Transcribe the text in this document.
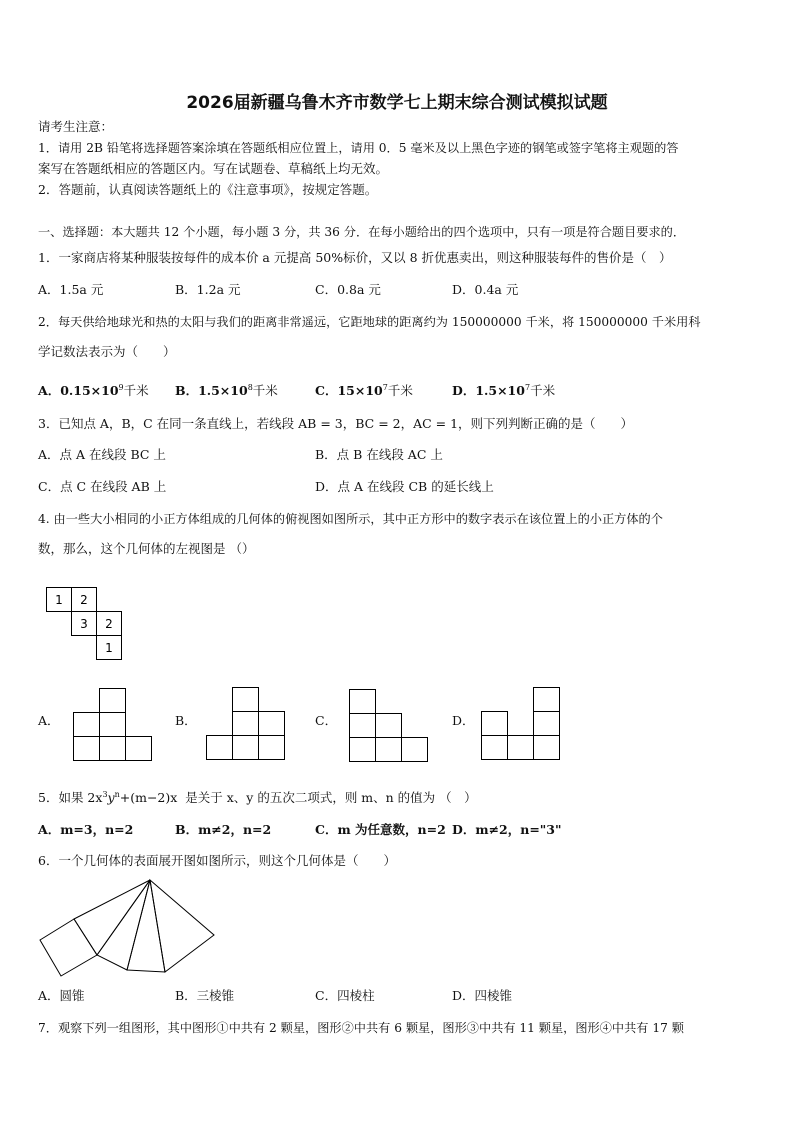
2026届新疆乌鲁木齐市数学七上期末综合测试模拟试题
请考生注意：
1．请用 2B 铅笔将选择题答案涂填在答题纸相应位置上，请用 0．5 毫米及以上黑色字迹的钢笔或签字笔将主观题的答
案写在答题纸相应的答题区内。写在试题卷、草稿纸上均无效。
2．答题前，认真阅读答题纸上的《注意事项》，按规定答题。
一、选择题：本大题共 12 个小题，每小题 3 分，共 36 分．在每小题给出的四个选项中，只有一项是符合题目要求的．
1．一家商店将某种服装按每件的成本价 a 元提高 50%标价，又以 8 折优惠卖出，则这种服装每件的售价是（　）
A．1.5a 元	B．1.2a 元	C．0.8a 元	D．0.4a 元
2．每天供给地球光和热的太阳与我们的距离非常遥远，它距地球的距离约为 150000000 千米，将 150000000 千米用科
学记数法表示为（　　）
A．$0.15\times 10^9$千米 B．$1.5\times 10^8$千米	C．$15\times 10^7$千米	D．$1.5\times 10^7$千米
3．已知点 A，B，C 在同一条直线上，若线段 AB = 3，BC = 2，AC = 1，则下列判断正确的是（　　）
A．点 A 在线段 BC 上	B．点 B 在线段 AC 上
C．点 C 在线段 AB 上	D．点 A 在线段 CB 的延长线上
4. 由一些大小相同的小正方体组成的几何体的俯视图如图所示，其中正方形中的数字表示在该位置上的小正方体的个
数，那么，这个几何体的左视图是 （）
1 2
3 2
1
A．	B．	C．	D．
5．如果 $2x^3y^n+(m-2)x$ 是关于 x、y 的五次二项式，则 m、n 的值为 （　）
A．m=3，n=2	B．m≠2，n=2	C．m 为任意数，n=2 D．m≠2，n="3"
6．一个几何体的表面展开图如图所示，则这个几何体是（　　）
A．圆锥	B．三棱锥	C．四棱柱	D．四棱锥
7．观察下列一组图形，其中图形①中共有 2 颗星，图形②中共有 6 颗星，图形③中共有 11 颗星，图形④中共有 17 颗
